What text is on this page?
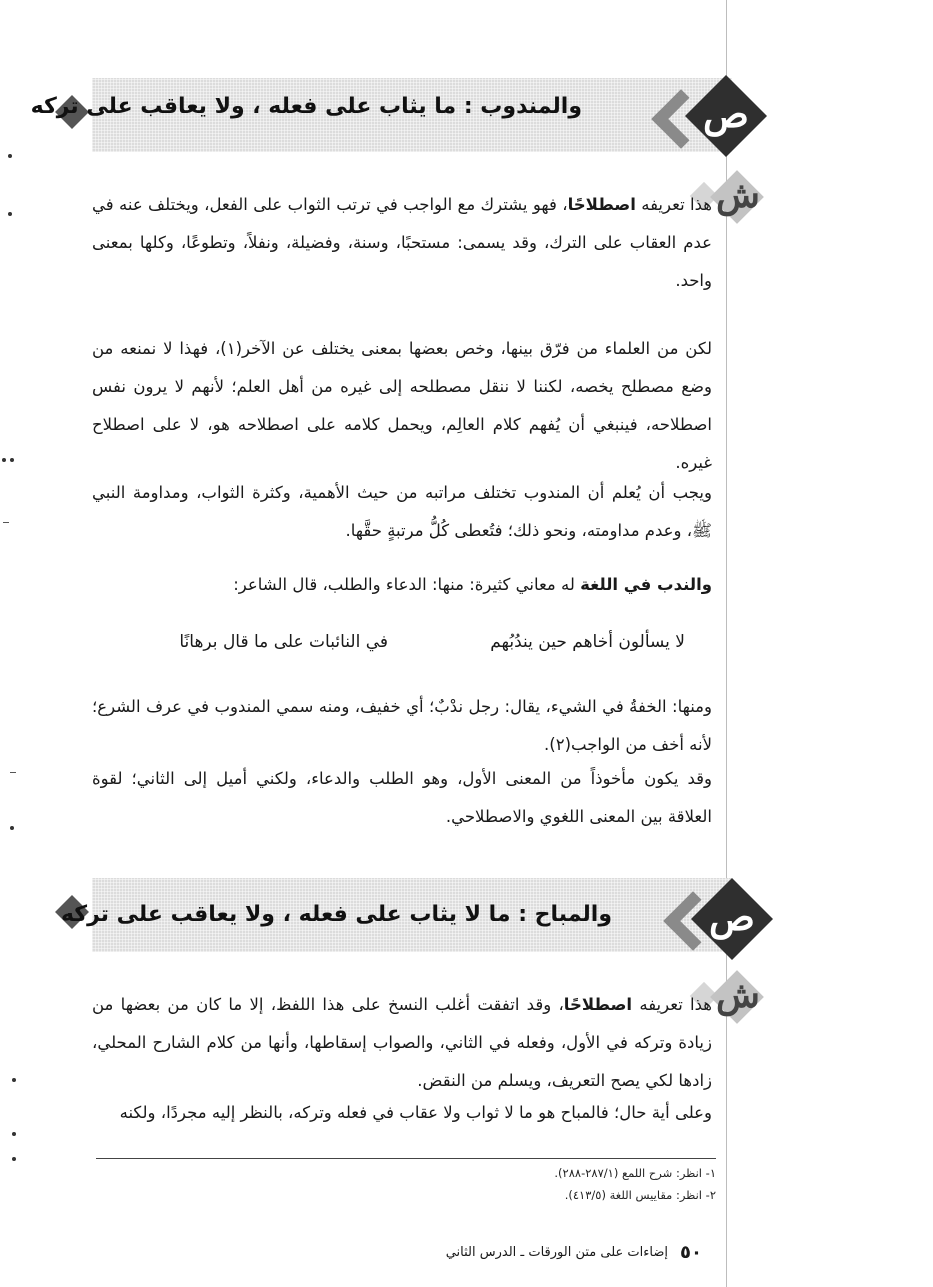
والمندوب : ما يثاب على فعله ، ولا يعاقب على تركه	ص
ش
هذا تعريفه اصطلاحًا، فهو يشترك مع الواجب في ترتب الثواب على الفعل، ويختلف عنه في عدم العقاب على الترك، وقد يسمى: مستحبًا، وسنة، وفضيلة، ونفلاً، وتطوعًا، وكلها بمعنى واحد.
لكن من العلماء من فرّق بينها، وخص بعضها بمعنى يختلف عن الآخر(١)، فهذا لا نمنعه من وضع مصطلح يخصه، لكننا لا ننقل مصطلحه إلى غيره من أهل العلم؛ لأنهم لا يرون نفس اصطلاحه، فينبغي أن يُفهم كلام العالِم، ويحمل كلامه على اصطلاحه هو، لا على اصطلاح غيره.
ويجب أن يُعلم أن المندوب تختلف مراتبه من حيث الأهمية، وكثرة الثواب، ومداومة النبي ﷺ، وعدم مداومته، ونحو ذلك؛ فتُعطى كُلُّ مرتبةٍ حقَّها.
والندب في اللغة له معاني كثيرة: منها: الدعاء والطلب، قال الشاعر:
لا يسألون أخاهم حين يندُبُهم
في النائبات على ما قال برهانًا
ومنها: الخفةُ في الشيء، يقال: رجل ندْبٌ؛ أي خفيف، ومنه سمي المندوب في عرف الشرع؛ لأنه أخف من الواجب(٢).
وقد يكون مأخوذاً من المعنى الأول، وهو الطلب والدعاء، ولكني أميل إلى الثاني؛ لقوة العلاقة بين المعنى اللغوي والاصطلاحي.
والمباح : ما لا يثاب على فعله ، ولا يعاقب على تركه	ص
ش
هذا تعريفه اصطلاحًا، وقد اتفقت أغلب النسخ على هذا اللفظ، إلا ما كان من بعضها من زيادة وتركه في الأول، وفعله في الثاني، والصواب إسقاطها، وأنها من كلام الشارح المحلي، زادها لكي يصح التعريف، ويسلم من النقض.
وعلى أية حال؛ فالمباح هو ما لا ثواب ولا عقاب في فعله وتركه، بالنظر إليه مجردًا، ولكنه
١- انظر: شرح اللمع (٢٨٧/١-٢٨٨).
٢- انظر: مقاييس اللغة (٤١٣/٥).
٥٠
إضاءات على متن الورقات ـ الدرس الثاني
